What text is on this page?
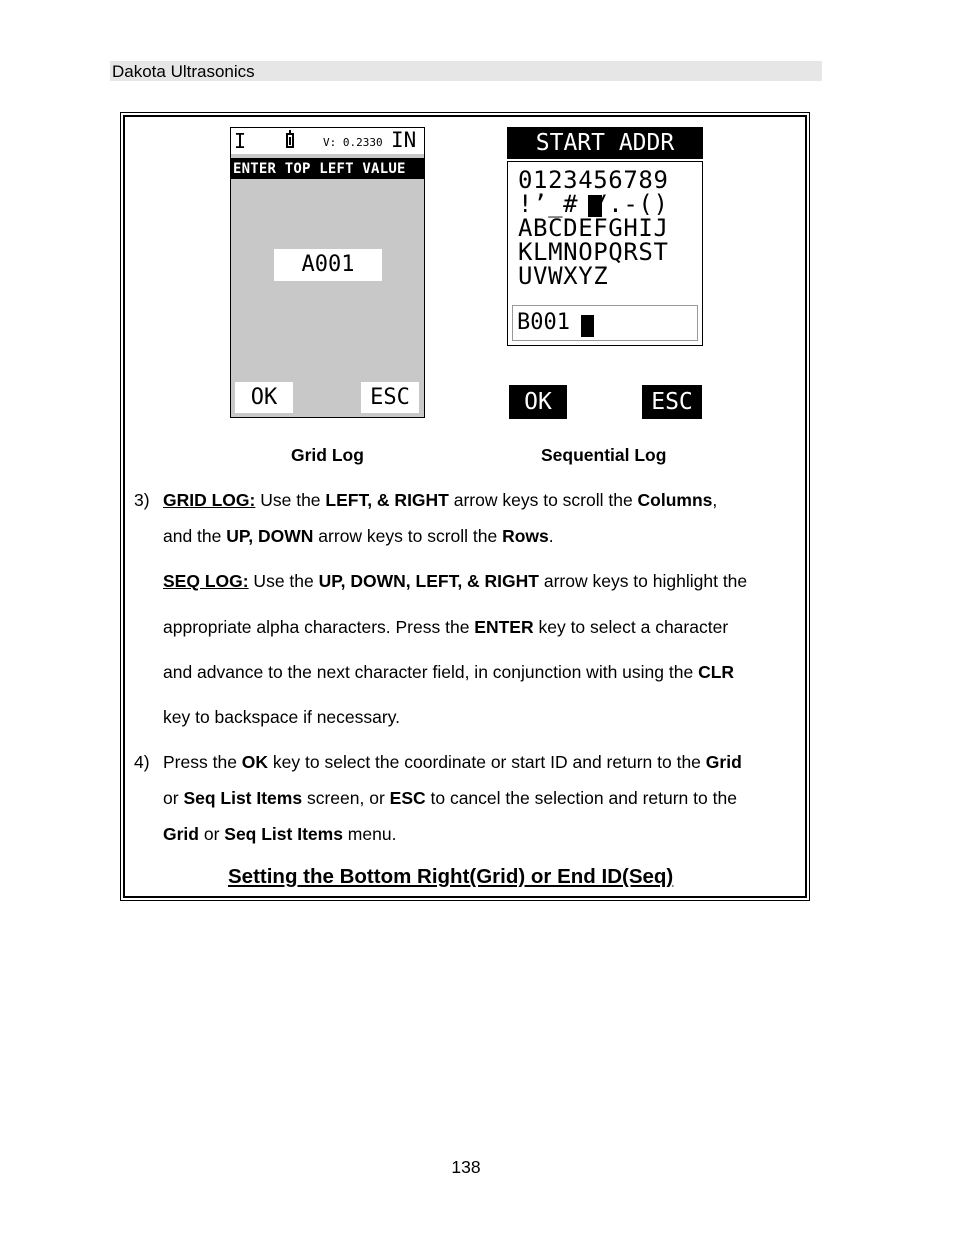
Dakota Ultrasonics
I	V: 0.2330 IN
ENTER TOP LEFT VALUE
A001
OK	ESC
START ADDR
0123456789
!’_# /.-()
ABCDEFGHIJ
KLMNOPQRST
UVWXYZ
B001
OK	ESC
Grid Log	Sequential Log
3) GRID LOG: Use the LEFT, & RIGHT arrow keys to scroll the Columns,
and the UP, DOWN arrow keys to scroll the Rows.
SEQ LOG: Use the UP, DOWN, LEFT, & RIGHT arrow keys to highlight the
appropriate alpha characters. Press the ENTER key to select a character
and advance to the next character field, in conjunction with using the CLR
key to backspace if necessary.
4) Press the OK key to select the coordinate or start ID and return to the Grid
or Seq List Items screen, or ESC to cancel the selection and return to the
Grid or Seq List Items menu.
Setting the Bottom Right(Grid) or End ID(Seq)
138
